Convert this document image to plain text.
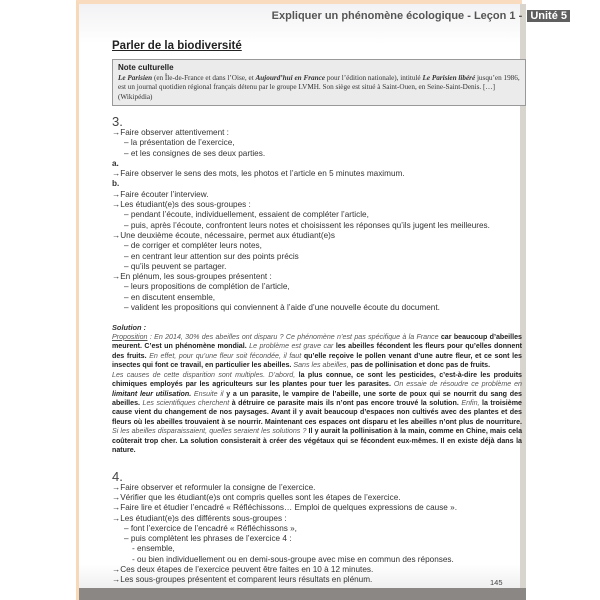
Expliquer un phénomène écologique - Leçon 1 - Unité 5
Parler de la biodiversité
Note culturelle
Le Parisien (en Île-de-France et dans l’Oise, et Aujourd’hui en France pour l’édition nationale), intitulé Le Parisien libéré jusqu’en 1986, est un journal quotidien régional français détenu par le groupe LVMH. Son siège est situé à Saint-Ouen, en Seine-Saint-Denis. […] (Wikipédia)
3.
→ Faire observer attentivement :
– la présentation de l’exercice,
– et les consignes de ses deux parties.
a.
→ Faire observer le sens des mots, les photos et l’article en 5 minutes maximum.
b.
→ Faire écouter l’interview.
→ Les étudiant(e)s des sous-groupes :
– pendant l’écoute, individuellement, essaient de compléter l’article,
– puis, après l’écoute, confrontent leurs notes et choisissent les réponses qu’ils jugent les meilleures.
→ Une deuxième écoute, nécessaire, permet aux étudiant(e)s
– de corriger et compléter leurs notes,
– en centrant leur attention sur des points précis
– qu’ils peuvent se partager.
→ En plénum, les sous-groupes présentent :
– leurs propositions de complétion de l’article,
– en discutent ensemble,
– valident les propositions qui conviennent à l’aide d’une nouvelle écoute du document.
Solution :
Proposition : En 2014, 30% des abeilles ont disparu ? Ce phénomène n’est pas spécifique à la France car beaucoup d’abeilles meurent. C’est un phénomène mondial. Le problème est grave car les abeilles fécondent les fleurs pour qu’elles donnent des fruits. En effet, pour qu’une fleur soit fécondée, il faut qu’elle reçoive le pollen venant d’une autre fleur, et ce sont les insectes qui font ce travail, en particulier les abeilles. Sans les abeilles, pas de pollinisation et donc pas de fruits.
Les causes de cette disparition sont multiples. D’abord, la plus connue, ce sont les pesticides, c’est-à-dire les produits chimiques employés par les agriculteurs sur les plantes pour tuer les parasites. On essaie de résoudre ce problème en limitant leur utilisation. Ensuite il y a un parasite, le vampire de l’abeille, une sorte de poux qui se nourrit du sang des abeilles. Les scientifiques cherchent à détruire ce parasite mais ils n’ont pas encore trouvé la solution. Enfin, la troisième cause vient du changement de nos paysages. Avant il y avait beaucoup d’espaces non cultivés avec des plantes et des fleurs où les abeilles trouvaient à se nourrir. Maintenant ces espaces ont disparu et les abeilles n’ont plus de nourriture. Si les abeilles disparaissaient, quelles seraient les solutions ? Il y aurait la pollinisation à la main, comme en Chine, mais cela coûterait trop cher. La solution consisterait à créer des végétaux qui se fécondent eux-mêmes. Il en existe déjà dans la nature.
4.
→ Faire observer et reformuler la consigne de l’exercice.
→ Vérifier que les étudiant(e)s ont compris quelles sont les étapes de l’exercice.
→ Faire lire et étudier l’encadré « Réfléchissons… Emploi de quelques expressions de cause ».
→ Les étudiant(e)s des différents sous-groupes :
– font l’exercice de l’encadré « Réfléchissons »,
– puis complètent les phrases de l’exercice 4 :
- ensemble,
- ou bien individuellement ou en demi-sous-groupe avec mise en commun des réponses.
→ Ces deux étapes de l’exercice peuvent être faites en 10 à 12 minutes.
→ Les sous-groupes présentent et comparent leurs résultats en plénum.	145
